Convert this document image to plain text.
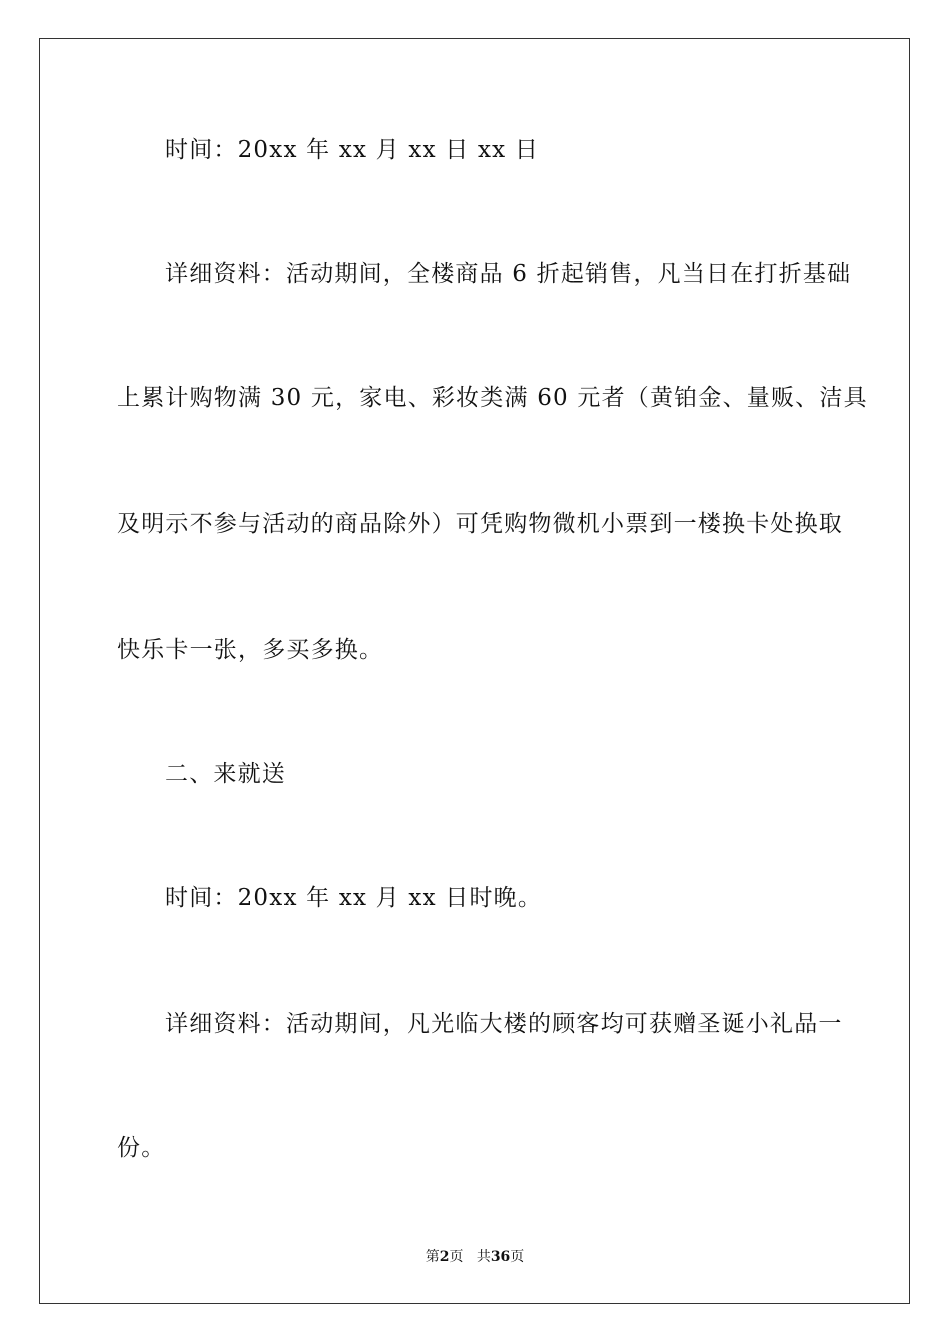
时间：20xx 年 xx 月 xx 日 xx 日
详细资料：活动期间，全楼商品 6 折起销售，凡当日在打折基础
上累计购物满 30 元，家电、彩妆类满 60 元者（黄铂金、量贩、洁具
及明示不参与活动的商品除外）可凭购物微机小票到一楼换卡处换取
快乐卡一张，多买多换。
二、来就送
时间：20xx 年 xx 月 xx 日时晚。
详细资料：活动期间，凡光临大楼的顾客均可获赠圣诞小礼品一
份。
第2页 共36页
